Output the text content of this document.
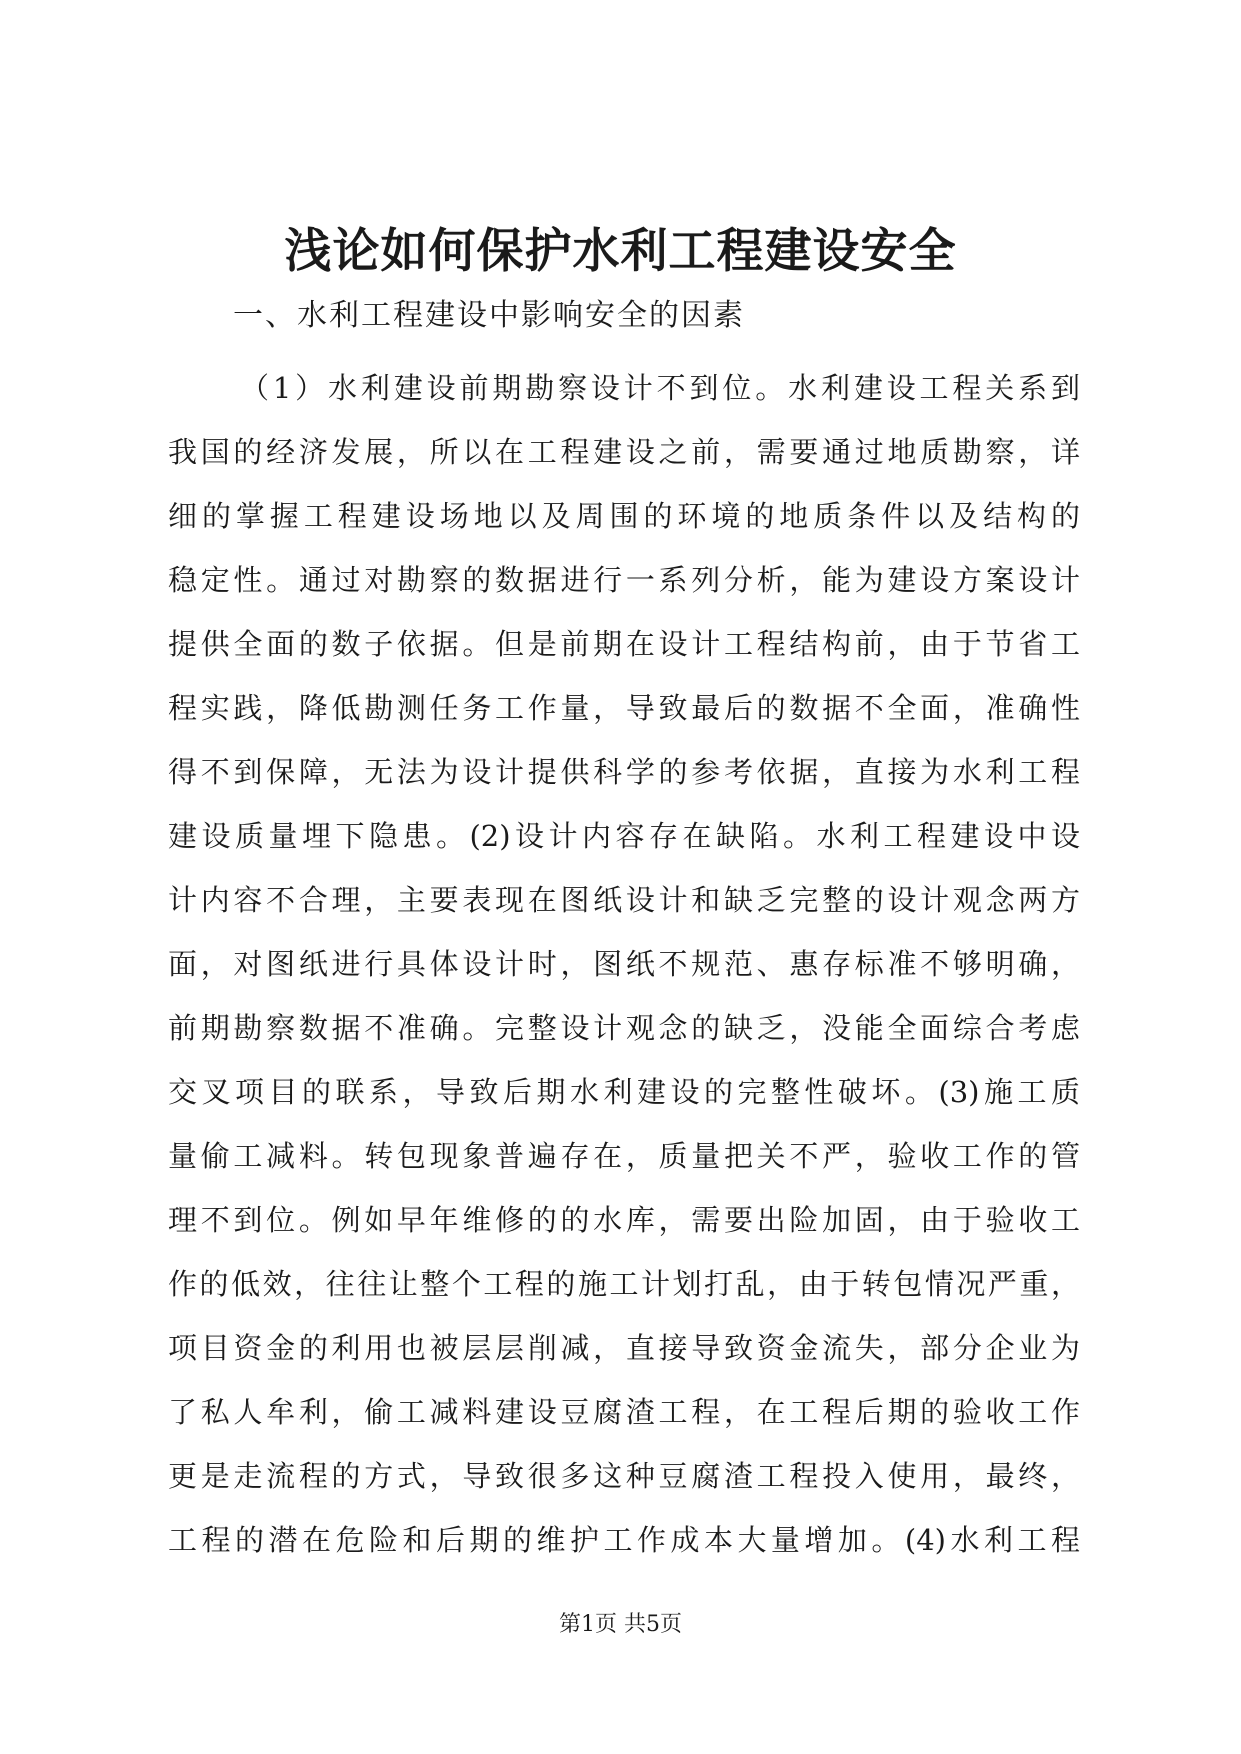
浅论如何保护水利工程建设安全
一、水利工程建设中影响安全的因素
（1）水利建设前期勘察设计不到位。水利建设工程关系到
我国的经济发展，所以在工程建设之前，需要通过地质勘察，详
细的掌握工程建设场地以及周围的环境的地质条件以及结构的
稳定性。通过对勘察的数据进行一系列分析，能为建设方案设计
提供全面的数子依据。但是前期在设计工程结构前，由于节省工
程实践，降低勘测任务工作量，导致最后的数据不全面，准确性
得不到保障，无法为设计提供科学的参考依据，直接为水利工程
建设质量埋下隐患。(2)设计内容存在缺陷。水利工程建设中设
计内容不合理，主要表现在图纸设计和缺乏完整的设计观念两方
面，对图纸进行具体设计时，图纸不规范、惠存标准不够明确，
前期勘察数据不准确。完整设计观念的缺乏，没能全面综合考虑
交叉项目的联系，导致后期水利建设的完整性破坏。(3)施工质
量偷工减料。转包现象普遍存在，质量把关不严，验收工作的管
理不到位。例如早年维修的的水库，需要出险加固，由于验收工
作的低效，往往让整个工程的施工计划打乱，由于转包情况严重，
项目资金的利用也被层层削减，直接导致资金流失，部分企业为
了私人牟利，偷工减料建设豆腐渣工程，在工程后期的验收工作
更是走流程的方式，导致很多这种豆腐渣工程投入使用，最终，
工程的潜在危险和后期的维护工作成本大量增加。(4)水利工程
第1页 共5页
